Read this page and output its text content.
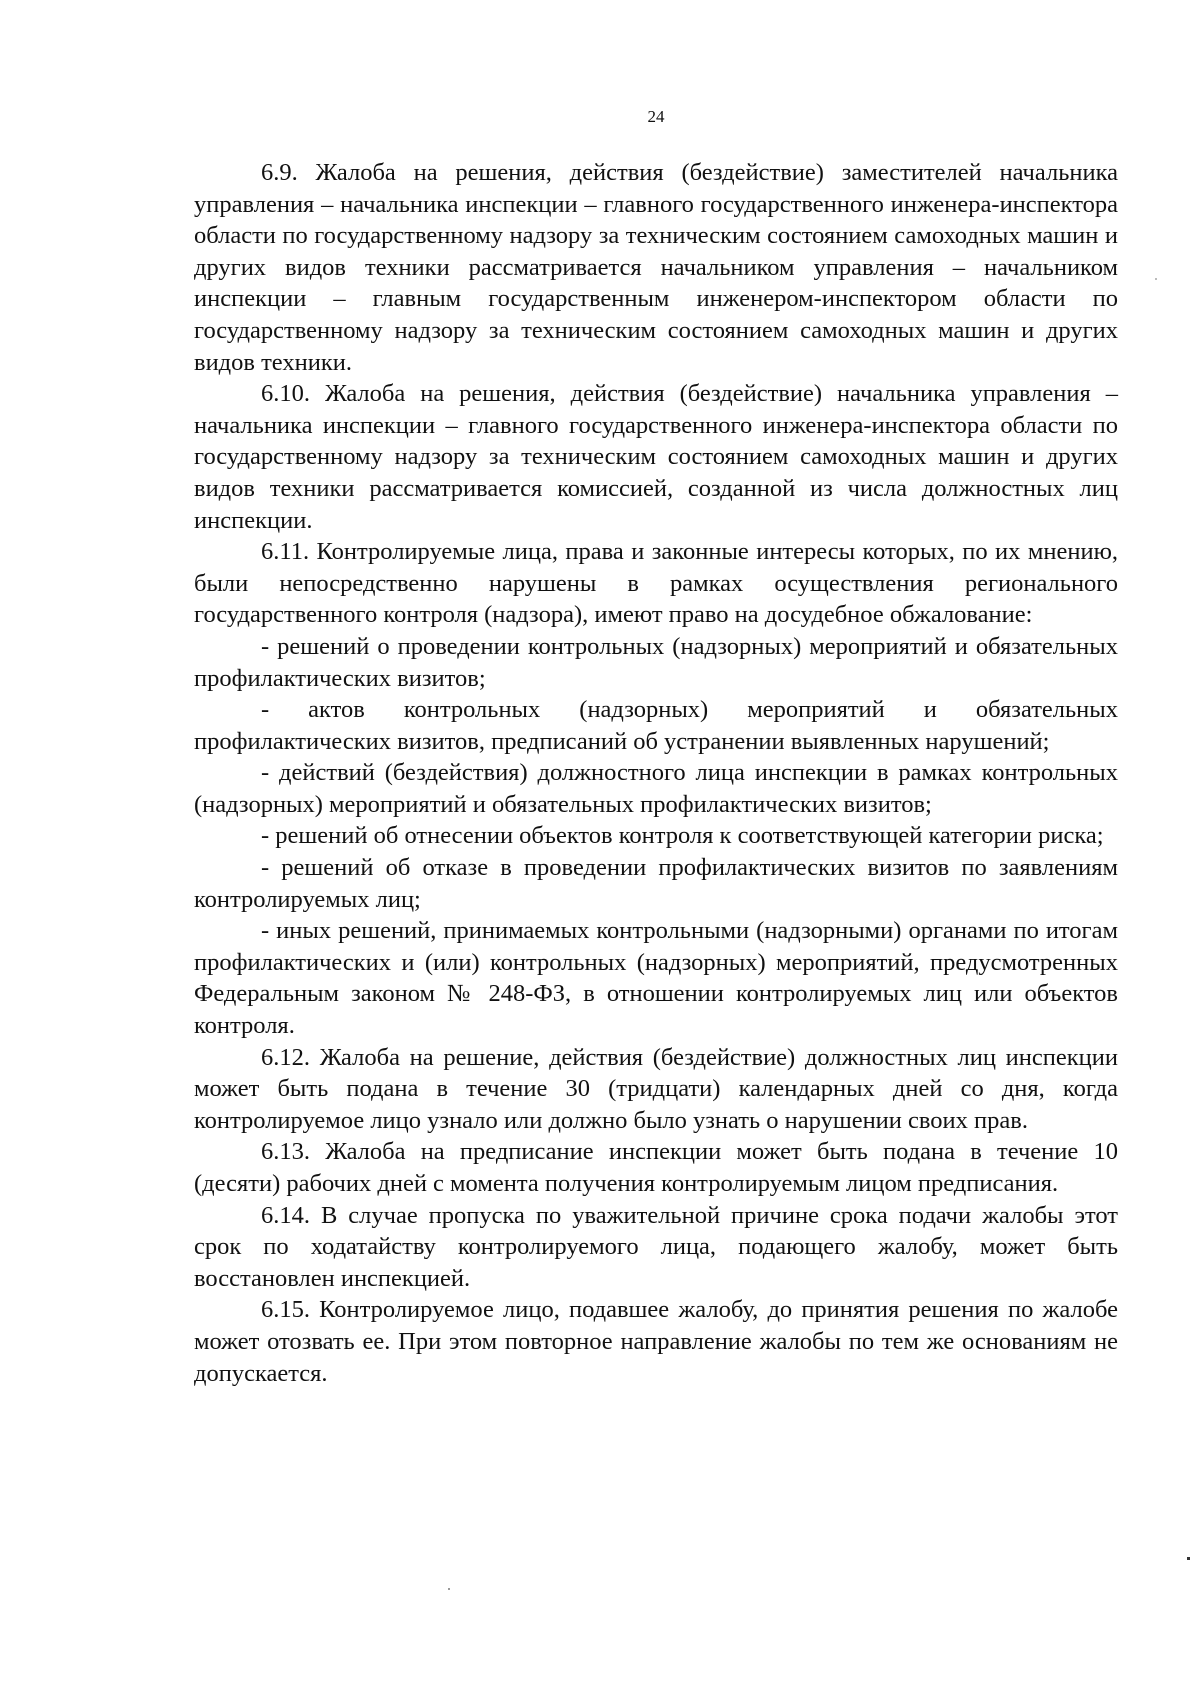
24

6.9. Жалоба на решения, действия (бездействие) заместителей начальника управления – начальника инспекции – главного государственного инженера-инспектора области по государственному надзору за техническим состоянием самоходных машин и других видов техники рассматривается начальником управления – начальником инспекции – главным государственным инженером-инспектором области по государственному надзору за техническим состоянием самоходных машин и других видов техники.

6.10. Жалоба на решения, действия (бездействие) начальника управления – начальника инспекции – главного государственного инженера-инспектора области по государственному надзору за техническим состоянием самоходных машин и других видов техники рассматривается комиссией, созданной из числа должностных лиц инспекции.

6.11. Контролируемые лица, права и законные интересы которых, по их мнению, были непосредственно нарушены в рамках осуществления регионального государственного контроля (надзора), имеют право на досудебное обжалование:

- решений о проведении контрольных (надзорных) мероприятий и обязательных профилактических визитов;

- актов контрольных (надзорных) мероприятий и обязательных профилактических визитов, предписаний об устранении выявленных нарушений;

- действий (бездействия) должностного лица инспекции в рамках контрольных (надзорных) мероприятий и обязательных профилактических визитов;

- решений об отнесении объектов контроля к соответствующей категории риска;

- решений об отказе в проведении профилактических визитов по заявлениям контролируемых лиц;

- иных решений, принимаемых контрольными (надзорными) органами по итогам профилактических и (или) контрольных (надзорных) мероприятий, предусмотренных Федеральным законом № 248-ФЗ, в отношении контролируемых лиц или объектов контроля.

6.12. Жалоба на решение, действия (бездействие) должностных лиц инспекции может быть подана в течение 30 (тридцати) календарных дней со дня, когда контролируемое лицо узнало или должно было узнать о нарушении своих прав.

6.13. Жалоба на предписание инспекции может быть подана в течение 10 (десяти) рабочих дней с момента получения контролируемым лицом предписания.

6.14. В случае пропуска по уважительной причине срока подачи жалобы этот срок по ходатайству контролируемого лица, подающего жалобу, может быть восстановлен инспекцией.

6.15. Контролируемое лицо, подавшее жалобу, до принятия решения по жалобе может отозвать ее. При этом повторное направление жалобы по тем же основаниям не допускается.
